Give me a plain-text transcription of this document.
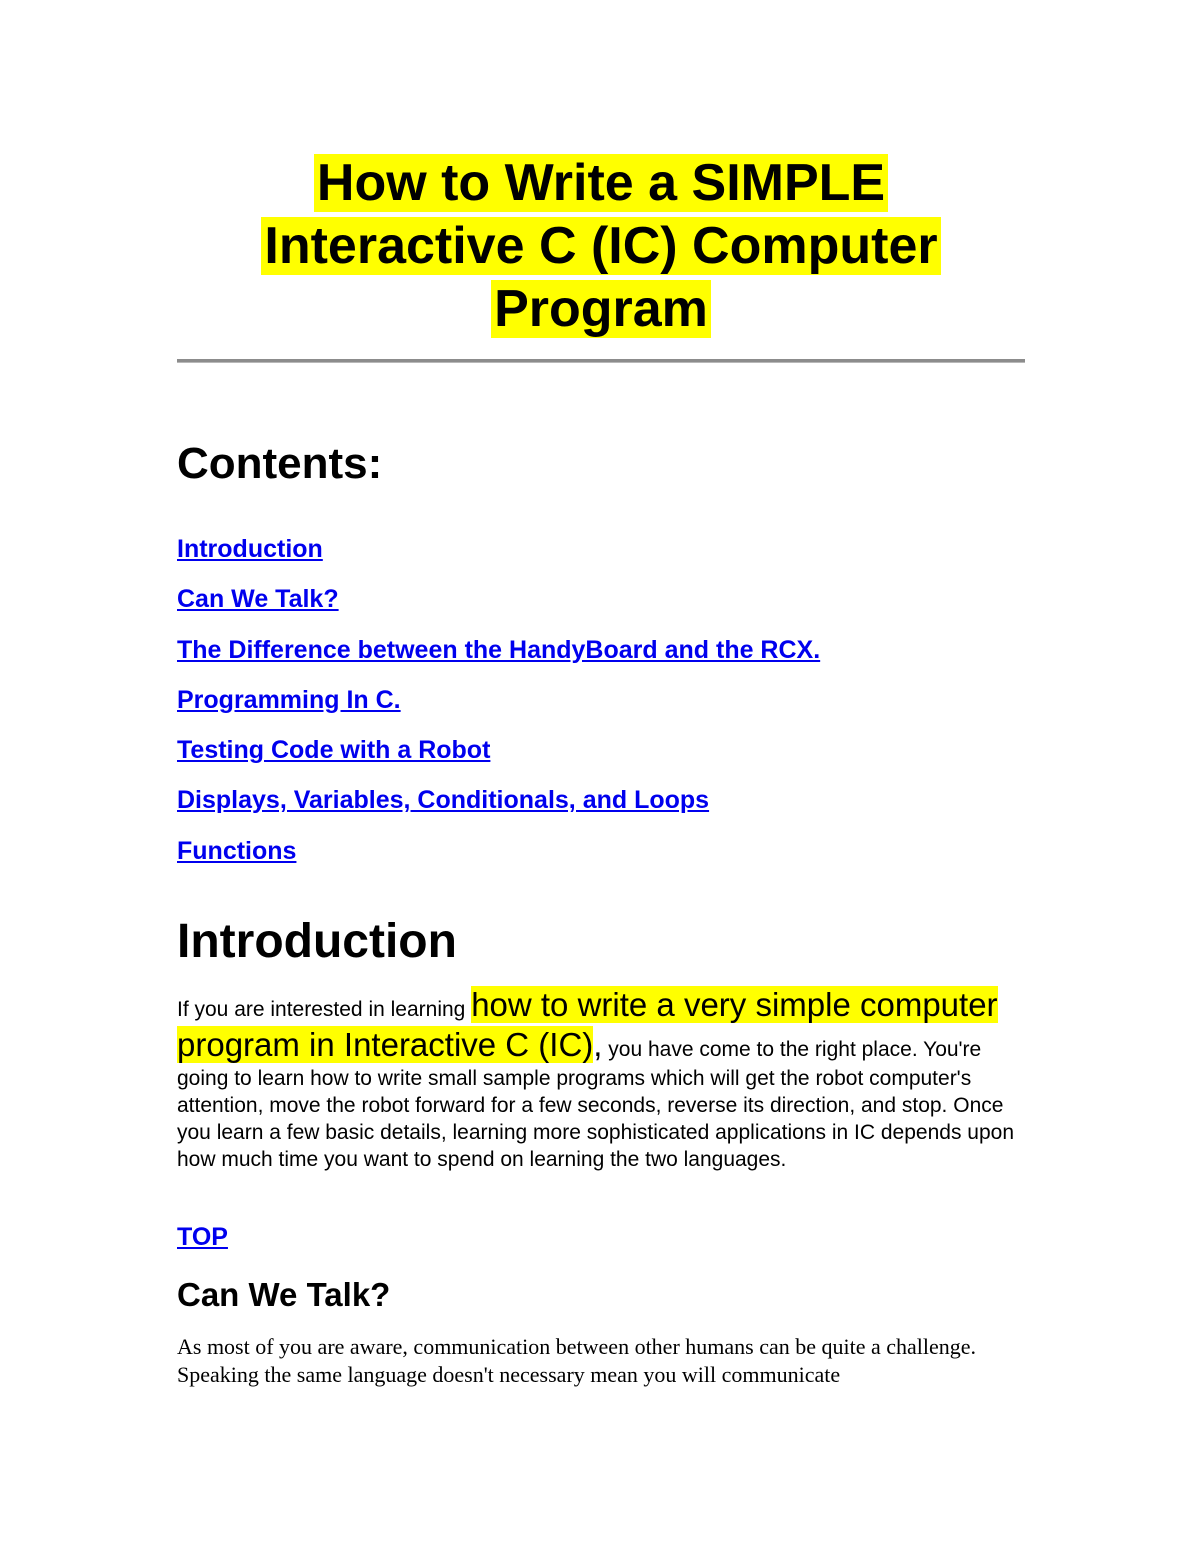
How to Write a SIMPLE
Interactive C (IC) Computer
Program
Contents:
Introduction
Can We Talk?
The Difference between the HandyBoard and the RCX.
Programming In C.
Testing Code with a Robot
Displays, Variables, Conditionals, and Loops
Functions
Introduction

If you are interested in learning how to write a very simple computer program in Interactive C (IC), you have come to the right place. You're going to learn how to write small sample programs which will get the robot computer's attention, move the robot forward for a few seconds, reverse its direction, and stop. Once you learn a few basic details, learning more sophisticated applications in IC depends upon how much time you want to spend on learning the two languages.

TOP
Can We Talk?

As most of you are aware, communication between other humans can be quite a challenge. Speaking the same language doesn't necessary mean you will communicate
